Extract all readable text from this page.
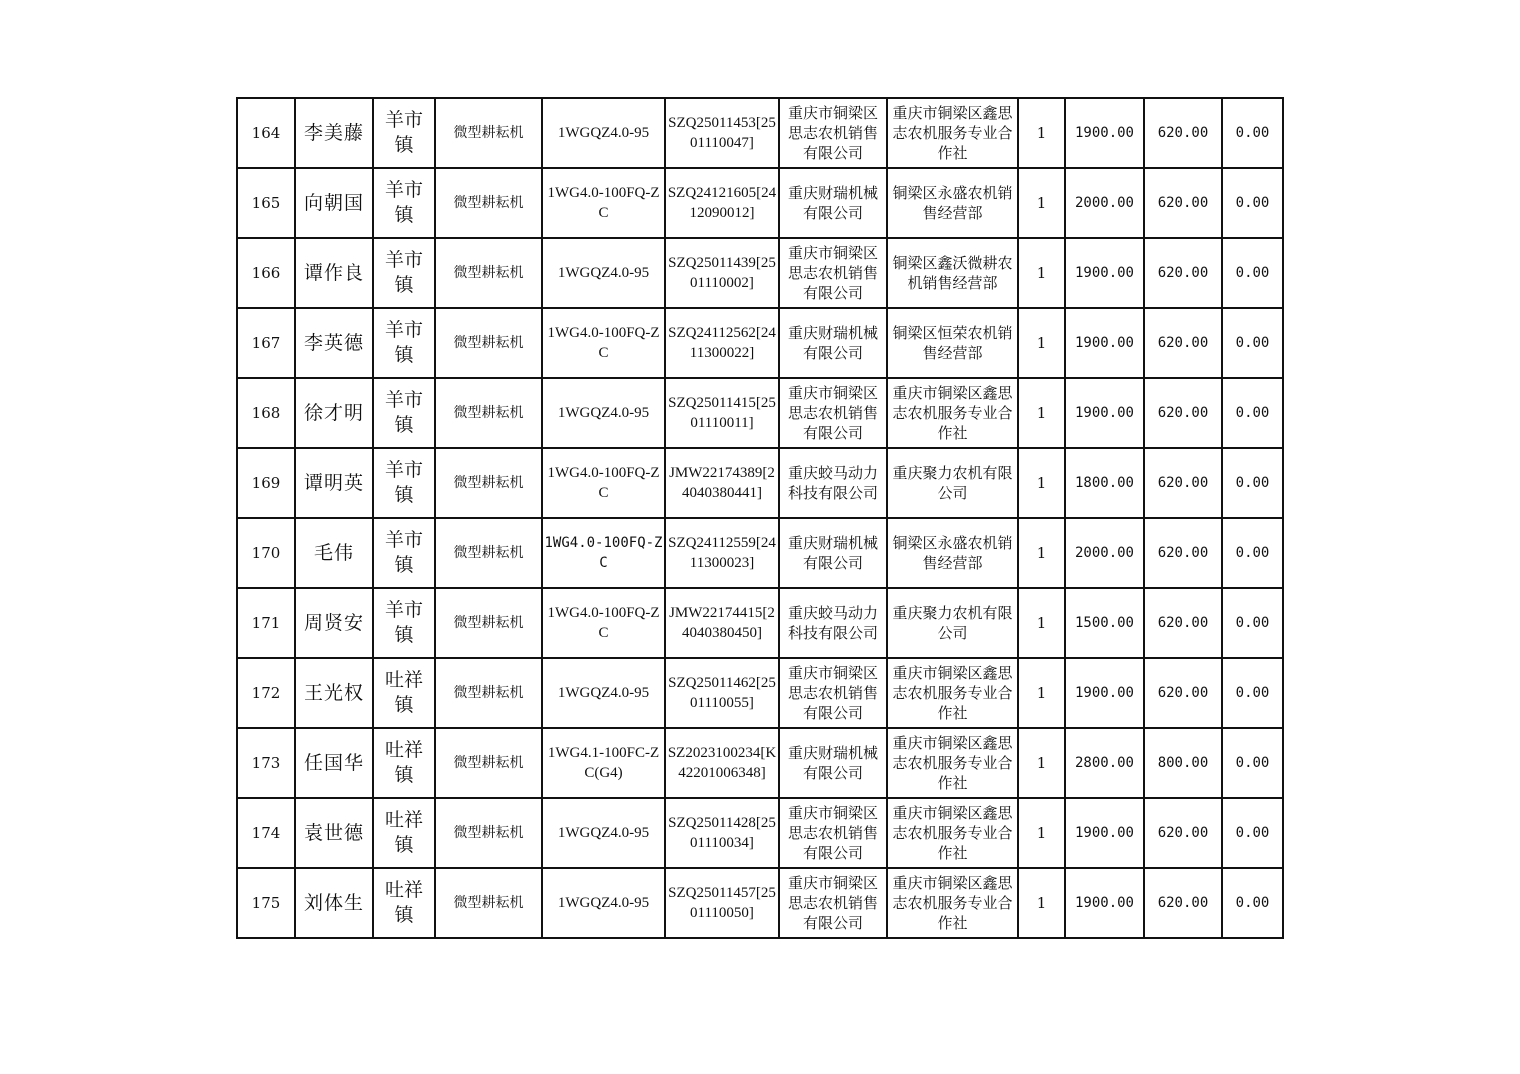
164	李美藤	羊市镇	微型耕耘机	1WGQZ4.0-95	SZQ25011453[2501110047]	重庆市铜梁区思志农机销售有限公司	重庆市铜梁区鑫思志农机服务专业合作社	1	1900.00	620.00	0.00
165	向朝国	羊市镇	微型耕耘机	1WG4.0-100FQ-ZC	SZQ24121605[2412090012]	重庆财瑞机械有限公司	铜梁区永盛农机销售经营部	1	2000.00	620.00	0.00
166	谭作良	羊市镇	微型耕耘机	1WGQZ4.0-95	SZQ25011439[2501110002]	重庆市铜梁区思志农机销售有限公司	铜梁区鑫沃微耕农机销售经营部	1	1900.00	620.00	0.00
167	李英德	羊市镇	微型耕耘机	1WG4.0-100FQ-ZC	SZQ24112562[2411300022]	重庆财瑞机械有限公司	铜梁区恒荣农机销售经营部	1	1900.00	620.00	0.00
168	徐才明	羊市镇	微型耕耘机	1WGQZ4.0-95	SZQ25011415[2501110011]	重庆市铜梁区思志农机销售有限公司	重庆市铜梁区鑫思志农机服务专业合作社	1	1900.00	620.00	0.00
169	谭明英	羊市镇	微型耕耘机	1WG4.0-100FQ-ZC	JMW22174389[24040380441]	重庆蛟马动力科技有限公司	重庆聚力农机有限公司	1	1800.00	620.00	0.00
170	毛伟	羊市镇	微型耕耘机	1WG4.0-100FQ-ZC	SZQ24112559[2411300023]	重庆财瑞机械有限公司	铜梁区永盛农机销售经营部	1	2000.00	620.00	0.00
171	周贤安	羊市镇	微型耕耘机	1WG4.0-100FQ-ZC	JMW22174415[24040380450]	重庆蛟马动力科技有限公司	重庆聚力农机有限公司	1	1500.00	620.00	0.00
172	王光权	吐祥镇	微型耕耘机	1WGQZ4.0-95	SZQ25011462[2501110055]	重庆市铜梁区思志农机销售有限公司	重庆市铜梁区鑫思志农机服务专业合作社	1	1900.00	620.00	0.00
173	任国华	吐祥镇	微型耕耘机	1WG4.1-100FC-ZC(G4)	SZ2023100234[K42201006348]	重庆财瑞机械有限公司	重庆市铜梁区鑫思志农机服务专业合作社	1	2800.00	800.00	0.00
174	袁世德	吐祥镇	微型耕耘机	1WGQZ4.0-95	SZQ25011428[2501110034]	重庆市铜梁区思志农机销售有限公司	重庆市铜梁区鑫思志农机服务专业合作社	1	1900.00	620.00	0.00
175	刘体生	吐祥镇	微型耕耘机	1WGQZ4.0-95	SZQ25011457[2501110050]	重庆市铜梁区思志农机销售有限公司	重庆市铜梁区鑫思志农机服务专业合作社	1	1900.00	620.00	0.00
